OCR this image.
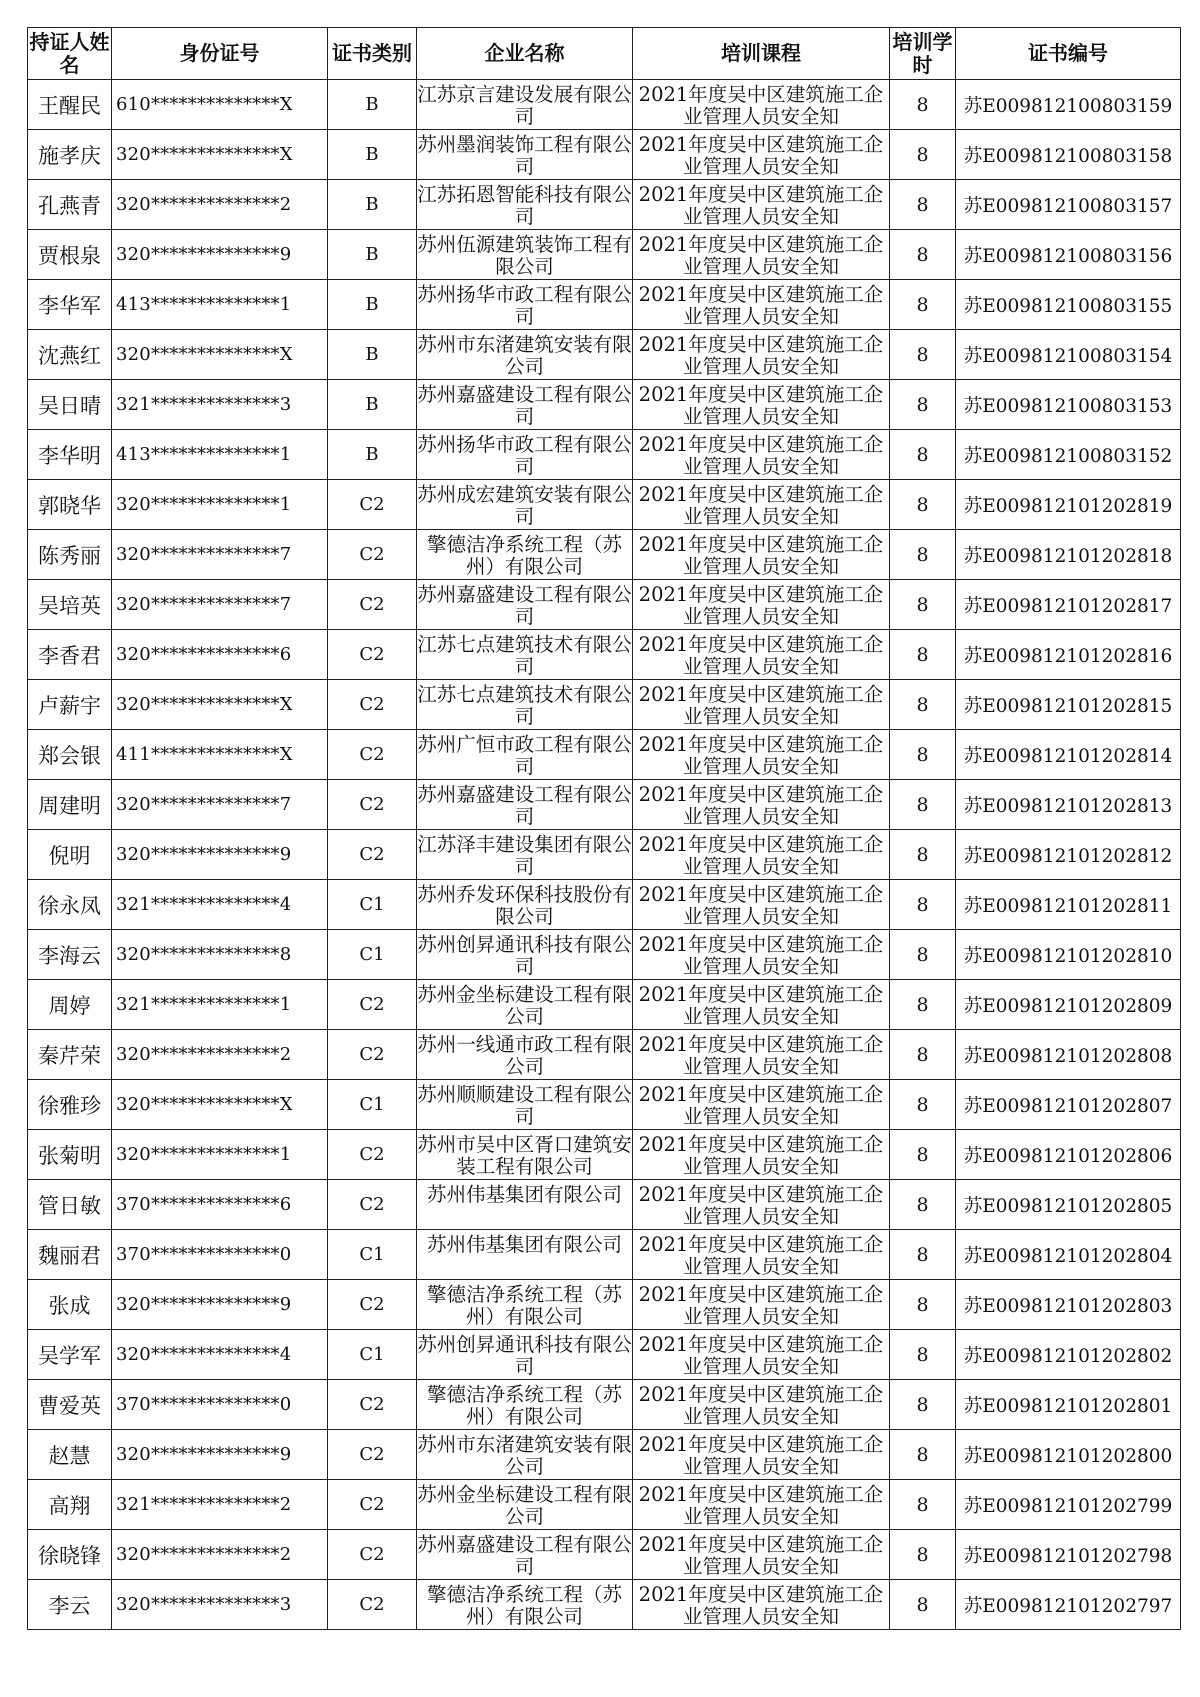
持证人姓名	身份证号	证书类别	企业名称	培训课程	培训学时	证书编号
王醒民	610**************X	B	江苏京言建设发展有限公司	2021年度吴中区建筑施工企业管理人员安全知	8	苏E009812100803159
施孝庆	320**************X	B	苏州墨润装饰工程有限公司	2021年度吴中区建筑施工企业管理人员安全知	8	苏E009812100803158
孔燕青	320**************2	B	江苏拓恩智能科技有限公司	2021年度吴中区建筑施工企业管理人员安全知	8	苏E009812100803157
贾根泉	320**************9	B	苏州伍源建筑装饰工程有限公司	2021年度吴中区建筑施工企业管理人员安全知	8	苏E009812100803156
李华军	413**************1	B	苏州扬华市政工程有限公司	2021年度吴中区建筑施工企业管理人员安全知	8	苏E009812100803155
沈燕红	320**************X	B	苏州市东渚建筑安装有限公司	2021年度吴中区建筑施工企业管理人员安全知	8	苏E009812100803154
吴日晴	321**************3	B	苏州嘉盛建设工程有限公司	2021年度吴中区建筑施工企业管理人员安全知	8	苏E009812100803153
李华明	413**************1	B	苏州扬华市政工程有限公司	2021年度吴中区建筑施工企业管理人员安全知	8	苏E009812100803152
郭晓华	320**************1	C2	苏州成宏建筑安装有限公司	2021年度吴中区建筑施工企业管理人员安全知	8	苏E009812101202819
陈秀丽	320**************7	C2	擎德洁净系统工程（苏州）有限公司	2021年度吴中区建筑施工企业管理人员安全知	8	苏E009812101202818
吴培英	320**************7	C2	苏州嘉盛建设工程有限公司	2021年度吴中区建筑施工企业管理人员安全知	8	苏E009812101202817
李香君	320**************6	C2	江苏七点建筑技术有限公司	2021年度吴中区建筑施工企业管理人员安全知	8	苏E009812101202816
卢薪宇	320**************X	C2	江苏七点建筑技术有限公司	2021年度吴中区建筑施工企业管理人员安全知	8	苏E009812101202815
郑会银	411**************X	C2	苏州广恒市政工程有限公司	2021年度吴中区建筑施工企业管理人员安全知	8	苏E009812101202814
周建明	320**************7	C2	苏州嘉盛建设工程有限公司	2021年度吴中区建筑施工企业管理人员安全知	8	苏E009812101202813
倪明	320**************9	C2	江苏泽丰建设集团有限公司	2021年度吴中区建筑施工企业管理人员安全知	8	苏E009812101202812
徐永凤	321**************4	C1	苏州乔发环保科技股份有限公司	2021年度吴中区建筑施工企业管理人员安全知	8	苏E009812101202811
李海云	320**************8	C1	苏州创昇通讯科技有限公司	2021年度吴中区建筑施工企业管理人员安全知	8	苏E009812101202810
周婷	321**************1	C2	苏州金坐标建设工程有限公司	2021年度吴中区建筑施工企业管理人员安全知	8	苏E009812101202809
秦芹荣	320**************2	C2	苏州一线通市政工程有限公司	2021年度吴中区建筑施工企业管理人员安全知	8	苏E009812101202808
徐雅珍	320**************X	C1	苏州顺顺建设工程有限公司	2021年度吴中区建筑施工企业管理人员安全知	8	苏E009812101202807
张菊明	320**************1	C2	苏州市吴中区胥口建筑安装工程有限公司	2021年度吴中区建筑施工企业管理人员安全知	8	苏E009812101202806
管日敏	370**************6	C2	苏州伟基集团有限公司	2021年度吴中区建筑施工企业管理人员安全知	8	苏E009812101202805
魏丽君	370**************0	C1	苏州伟基集团有限公司	2021年度吴中区建筑施工企业管理人员安全知	8	苏E009812101202804
张成	320**************9	C2	擎德洁净系统工程（苏州）有限公司	2021年度吴中区建筑施工企业管理人员安全知	8	苏E009812101202803
吴学军	320**************4	C1	苏州创昇通讯科技有限公司	2021年度吴中区建筑施工企业管理人员安全知	8	苏E009812101202802
曹爱英	370**************0	C2	擎德洁净系统工程（苏州）有限公司	2021年度吴中区建筑施工企业管理人员安全知	8	苏E009812101202801
赵慧	320**************9	C2	苏州市东渚建筑安装有限公司	2021年度吴中区建筑施工企业管理人员安全知	8	苏E009812101202800
高翔	321**************2	C2	苏州金坐标建设工程有限公司	2021年度吴中区建筑施工企业管理人员安全知	8	苏E009812101202799
徐晓锋	320**************2	C2	苏州嘉盛建设工程有限公司	2021年度吴中区建筑施工企业管理人员安全知	8	苏E009812101202798
李云	320**************3	C2	擎德洁净系统工程（苏州）有限公司	2021年度吴中区建筑施工企业管理人员安全知	8	苏E009812101202797
